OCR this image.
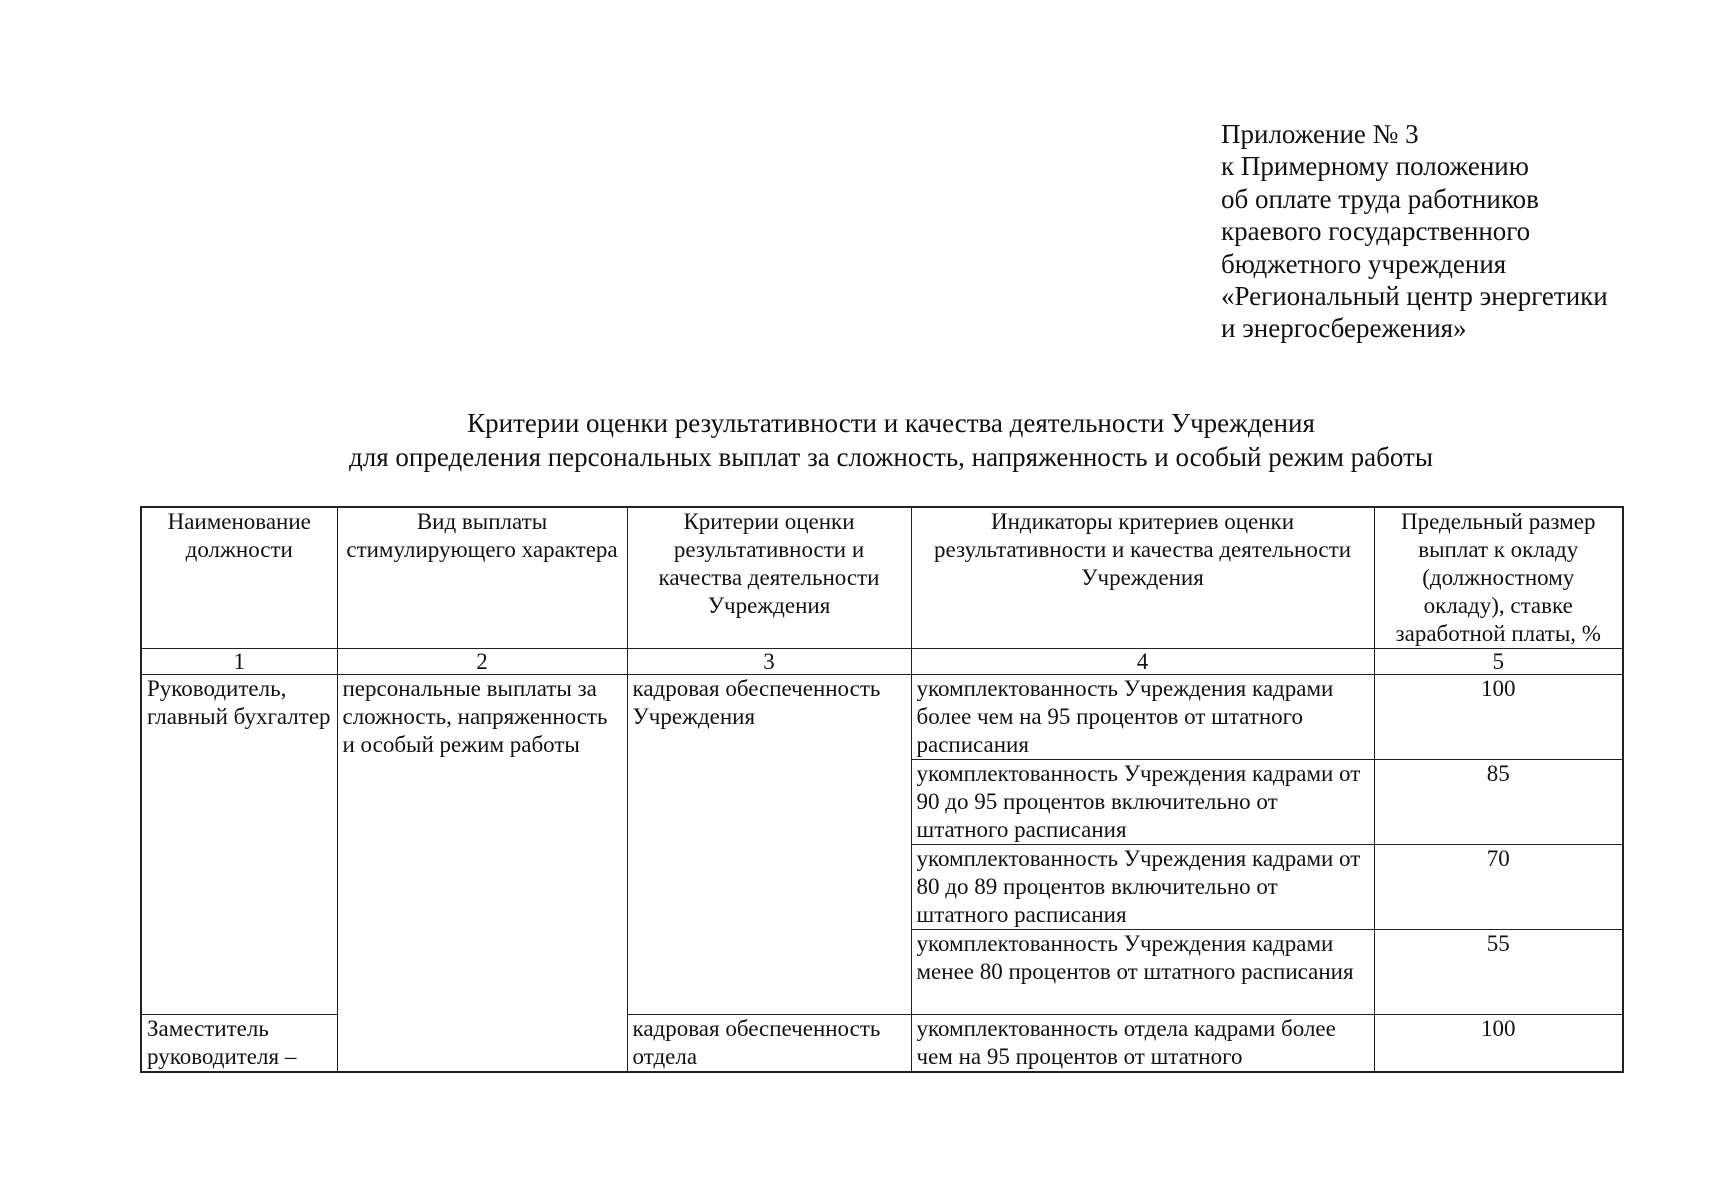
Приложение № 3
к Примерному положению
об оплате труда работников
краевого государственного
бюджетного учреждения
«Региональный центр энергетики
и энергосбережения»
Критерии оценки результативности и качества деятельности Учреждения
для определения персональных выплат за сложность, напряженность и особый режим работы
Наименование должности	Вид выплаты стимулирующего характера	Критерии оценки результативности и качества деятельности Учреждения	Индикаторы критериев оценки результативности и качества деятельности Учреждения	Предельный размер выплат к окладу (должностному окладу), ставке заработной платы, %
1	2	3	4	5
Руководитель, главный бухгалтер	персональные выплаты за сложность, напряженность и особый режим работы	кадровая обеспеченность Учреждения	укомплектованность Учреждения кадрами более чем на 95 процентов от штатного расписания	100
			укомплектованность Учреждения кадрами от 90 до 95 процентов включительно от штатного расписания	85
			укомплектованность Учреждения кадрами от 80 до 89 процентов включительно от штатного расписания	70
			укомплектованность Учреждения кадрами менее 80 процентов от штатного расписания	55
Заместитель руководителя –		кадровая обеспеченность отдела	укомплектованность отдела кадрами более чем на 95 процентов от штатного	100
